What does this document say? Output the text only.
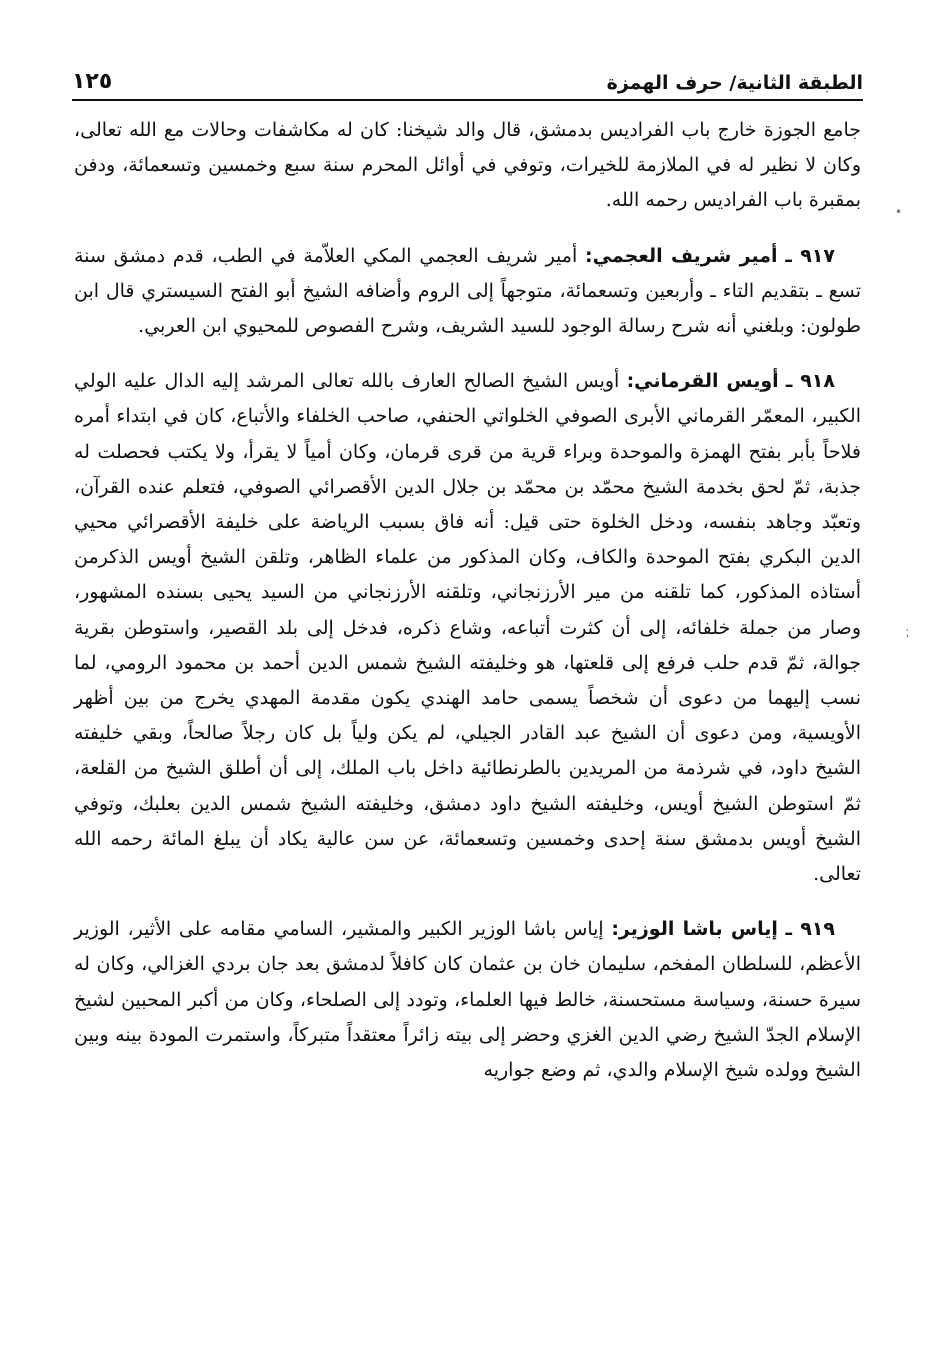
١٢٥	الطبقة الثانية/ حرف الهمزة

جامع الجوزة خارج باب الفراديس بدمشق، قال والد شيخنا: كان له مكاشفات وحالات مع الله تعالى، وكان لا نظير له في الملازمة للخيرات، وتوفي في أوائل المحرم سنة سبع وخمسين وتسعمائة، ودفن بمقبرة باب الفراديس رحمه الله.

٩١٧ ـ أمير شريف العجمي: أمير شريف العجمي المكي العلاّمة في الطب، قدم دمشق سنة تسع ـ بتقديم التاء ـ وأربعين وتسعمائة، متوجهاً إلى الروم وأضافه الشيخ أبو الفتح السيستري قال ابن طولون: وبلغني أنه شرح رسالة الوجود للسيد الشريف، وشرح الفصوص للمحيوي ابن العربي.

٩١٨ ـ أويس القرماني: أويس الشيخ الصالح العارف بالله تعالى المرشد إليه الدال عليه الولي الكبير، المعمّر القرماني الأبرى الصوفي الخلواتي الحنفي، صاحب الخلفاء والأتباع، كان في ابتداء أمره فلاحاً بأبر بفتح الهمزة والموحدة وبراء قرية من قرى قرمان، وكان أمياً لا يقرأ، ولا يكتب فحصلت له جذبة، ثمّ لحق بخدمة الشيخ محمّد بن محمّد بن جلال الدين الأقصرائي الصوفي، فتعلم عنده القرآن، وتعبّد وجاهد بنفسه، ودخل الخلوة حتى قيل: أنه فاق بسبب الرياضة على خليفة الأقصرائي محيي الدين البكري بفتح الموحدة والكاف، وكان المذكور من علماء الظاهر، وتلقن الشيخ أويس الذكرمن أستاذه المذكور، كما تلقنه من مير الأرزنجاني، وتلقنه الأرزنجاني من السيد يحيى بسنده المشهور، وصار من جملة خلفائه، إلى أن كثرت أتباعه، وشاع ذكره، فدخل إلى بلد القصير، واستوطن بقرية جوالة، ثمّ قدم حلب فرفع إلى قلعتها، هو وخليفته الشيخ شمس الدين أحمد بن محمود الرومي، لما نسب إليهما من دعوى أن شخصاً يسمى حامد الهندي يكون مقدمة المهدي يخرج من بين أظهر الأويسية، ومن دعوى أن الشيخ عبد القادر الجيلي، لم يكن ولياً بل كان رجلاً صالحاً، وبقي خليفته الشيخ داود، في شرذمة من المريدين بالطرنطائية داخل باب الملك، إلى أن أطلق الشيخ من القلعة، ثمّ استوطن الشيخ أويس، وخليفته الشيخ داود دمشق، وخليفته الشيخ شمس الدين بعلبك، وتوفي الشيخ أويس بدمشق سنة إحدى وخمسين وتسعمائة، عن سن عالية يكاد أن يبلغ المائة رحمه الله تعالى.

٩١٩ ـ إياس باشا الوزير: إياس باشا الوزير الكبير والمشير، السامي مقامه على الأثير، الوزير الأعظم، للسلطان المفخم، سليمان خان بن عثمان كان كافلاً لدمشق بعد جان بردي الغزالي، وكان له سيرة حسنة، وسياسة مستحسنة، خالط فيها العلماء، وتودد إلى الصلحاء، وكان من أكبر المحبين لشيخ الإسلام الجدّ الشيخ رضي الدين الغزي وحضر إلى بيته زائراً معتقداً متبركاً، واستمرت المودة بينه وبين الشيخ وولده شيخ الإسلام والدي، ثم وضع جواريه

•
⁏
